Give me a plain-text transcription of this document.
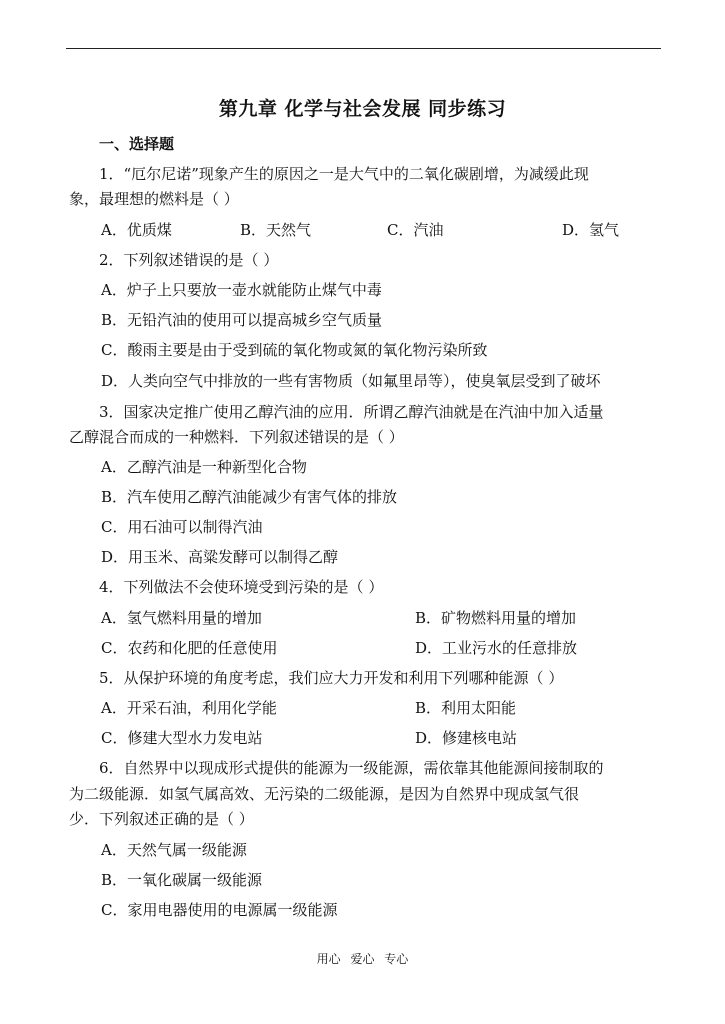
第九章 化学与社会发展 同步练习
一、选择题
1．“厄尔尼诺”现象产生的原因之一是大气中的二氧化碳剧增，为减缓此现
象，最理想的燃料是（ ）
A．优质煤	B．天然气	C．汽油	D．氢气
2．下列叙述错误的是（ ）
A．炉子上只要放一壶水就能防止煤气中毒
B．无铅汽油的使用可以提高城乡空气质量
C．酸雨主要是由于受到硫的氧化物或氮的氧化物污染所致
D．人类向空气中排放的一些有害物质（如氟里昂等），使臭氧层受到了破坏
3．国家决定推广使用乙醇汽油的应用．所谓乙醇汽油就是在汽油中加入适量
乙醇混合而成的一种燃料．下列叙述错误的是（ ）
A．乙醇汽油是一种新型化合物
B．汽车使用乙醇汽油能减少有害气体的排放
C．用石油可以制得汽油
D．用玉米、高粱发酵可以制得乙醇
4．下列做法不会使环境受到污染的是（ ）
A．氢气燃料用量的增加	B．矿物燃料用量的增加
C．农药和化肥的任意使用	D．工业污水的任意排放
5．从保护环境的角度考虑，我们应大力开发和利用下列哪种能源（ ）
A．开采石油，利用化学能	B．利用太阳能
C．修建大型水力发电站	D．修建核电站
6．自然界中以现成形式提供的能源为一级能源，需依靠其他能源间接制取的
为二级能源．如氢气属高效、无污染的二级能源，是因为自然界中现成氢气很
少．下列叙述正确的是（ ）
A．天然气属一级能源
B．一氧化碳属一级能源
C．家用电器使用的电源属一级能源
用心 爱心 专心
